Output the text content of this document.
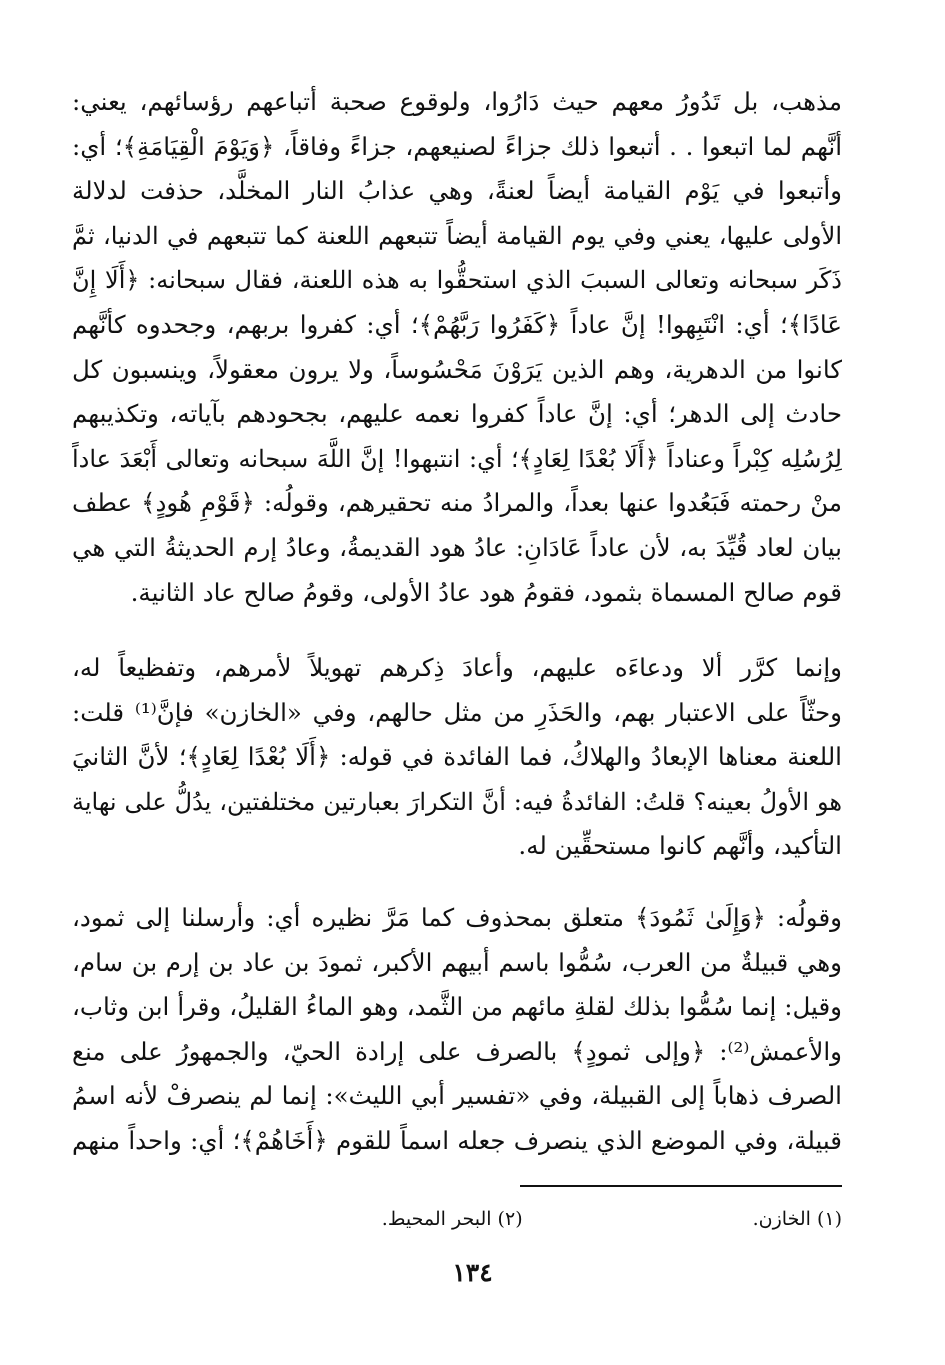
مذهب، بل تَدُورُ معهم حيث دَارُوا، ولوقوع صحبة أتباعهم رؤسائهم، يعني:
أنَّهم لما اتبعوا . . أتبعوا ذلك جزاءً لصنيعهم، جزاءً وفاقاً، ﴿وَيَوْمَ الْقِيَامَةِ﴾؛ أي:
وأتبعوا في يَوْم القيامة أيضاً لعنةً، وهي عذابُ النار المخلَّد، حذفت لدلالة
الأولى عليها، يعني وفي يوم القيامة أيضاً تتبعهم اللعنة كما تتبعهم في الدنيا، ثمَّ
ذَكَر سبحانه وتعالى السببَ الذي استحقُّوا به هذه اللعنة، فقال سبحانه: ﴿أَلَا إِنَّ
عَادًا﴾؛ أي: انْتَبِهوا! إنَّ عاداً ﴿كَفَرُوا رَبَّهُمْ﴾؛ أي: كفروا بربهم، وجحدوه كأنَّهم
كانوا من الدهرية، وهم الذين يَرَوْنَ مَحْسُوساً، ولا يرون معقولاً، وينسبون كل
حادث إلى الدهر؛ أي: إنَّ عاداً كفروا نعمه عليهم، بجحودهم بآياته، وتكذيبهم
لِرُسُلِه كِبْراً وعناداً ﴿أَلَا بُعْدًا لِعَادٍ﴾؛ أي: انتبهوا! إنَّ اللَّهَ سبحانه وتعالى أَبْعَدَ عاداً
منْ رحمته فَبَعُدوا عنها بعداً، والمرادُ منه تحقيرهم، وقولُه: ﴿قَوْمِ هُودٍ﴾ عطف
بيان لعاد قُيِّدَ به، لأن عاداً عَادَانِ: عادُ هود القديمةُ، وعادُ إرم الحديثةُ التي هي
قوم صالح المسماة بثمود، فقومُ هود عادُ الأولى، وقومُ صالح عاد الثانية.
وإنما كرَّر ألا ودعاءَه عليهم، وأعادَ ذِكرهم تهويلاً لأمرهم، وتفظيعاً له،
وحثّاً على الاعتبار بهم، والحَذَرِ من مثل حالهم، وفي «الخازن» فإنَّ⁽¹⁾ قلت:
اللعنة معناها الإبعادُ والهلاكُ، فما الفائدة في قوله: ﴿أَلَا بُعْدًا لِعَادٍ﴾؛ لأنَّ الثانيَ
هو الأولُ بعينه؟ قلتُ: الفائدةُ فيه: أنَّ التكرارَ بعبارتين مختلفتين، يدُلُّ على نهاية
التأكيد، وأنَّهم كانوا مستحقِّين له.
وقولُه: ﴿وَإِلَىٰ ثَمُودَ﴾ متعلق بمحذوف كما مَرَّ نظيره أي: وأرسلنا إلى ثمود،
وهي قبيلةٌ من العرب، سُمُّوا باسم أبيهم الأكبر، ثمودَ بن عاد بن إرم بن سام،
وقيل: إنما سُمُّوا بذلك لقلةِ مائهم من الثَّمد، وهو الماءُ القليلُ، وقرأ ابن وثاب،
والأعمش⁽²⁾: ﴿وإلى ثمودٍ﴾ بالصرف على إرادة الحيّ، والجمهورُ على منع
الصرف ذهاباً إلى القبيلة، وفي «تفسير أبي الليث»: إنما لم ينصرفْ لأنه اسمُ
قبيلة، وفي الموضع الذي ينصرف جعله اسماً للقوم ﴿أَخَاهُمْ﴾؛ أي: واحداً منهم
(١) الخازن.
(٢) البحر المحيط.
١٣٤
